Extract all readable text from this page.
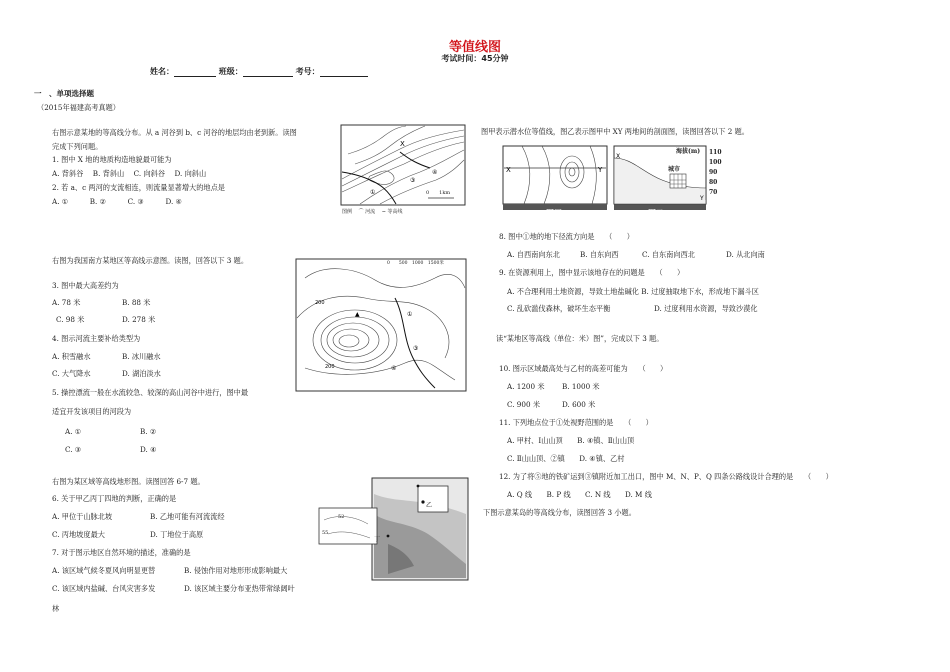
等值线图
考试时间：45分钟
姓名：	班级：	考号：
一　、单项选择题
（2015年福建高考真题）
右图示意某地的等高线分布。从 a 河谷到 b、c 河谷的地层均由老到新。读图
完成下列问题。
1. 图中 X 地的地质构造地貌最可能为
A. 背斜谷　 B. 背斜山　 C. 向斜谷　 D. 向斜山
2. 若 a、c 两河的支流相连，则流量显著增大的地点是
A. ①　　　B. ②　　　C. ③　　　D. ④
X
④
①
③
0　　1km
图例　 ⌒ 河流　 ~ 等高线
右图为我国南方某地区等高线示意图。读图，回答以下 3 题。
3. 图中最大高差约为
A. 78 米	B. 88 米
C. 98 米	D. 278 米
4. 图示河流主要补给类型为
A. 积雪融水	B. 冰川融水
C. 大气降水	D. 湖泊淡水
5. 操控漂流一般在水流较急、较深的高山河谷中进行，图中最
适宜开发该项目的河段为
A. ①	B. ②
C. ③	D. ④
①
③
④
▲
200
200
0　　500　1000　1500米
右图为某区域等高线地形图。读图回答 6-7 题。
6. 关于甲乙丙丁四地的判断，正确的是
A. 甲位于山脉北坡	B. 乙地可能有河流流经
C. 丙地坡度最大	D. 丁地位于高原
7. 对于图示地区自然环境的描述，准确的是
A. 该区域气候冬夏风向明显更替	B. 侵蚀作用对地形形成影响最大
C. 该区域内盐碱、台风灾害多发	D. 该区域主要分布亚热带常绿阔叶
林
52
55
丁
乙
图甲表示潜水位等值线，图乙表示图甲中 XY 两地间的剖面图，读图回答以下 2 题。
X	Y
X
Y
海拔(m)
城市
110
100
90
80
70
图甲	图乙
8. 图中①地的地下径流方向是　　（　　）
A. 自西南向东北	B. 自东向西	C. 自东南向西北	D. 从北向南
9. 在资源利用上，图中显示该地存在的问题是　　（　　）
A. 不合理利用土地资源，导致土地盐碱化 B. 过度抽取地下水，形成地下漏斗区
C. 乱砍滥伐森林，破坏生态平衡	D. 过度利用水资源，导致沙漠化
读“某地区等高线（单位：米）图”，完成以下 3 题。
10. 图示区域最高处与乙村的高差可能为　　（　　）
A. 1200 米 B. 1000 米
C. 900 米	D. 600 米
11. 下列地点位于①处视野范围的是　　（　　）
A. 甲村、Ⅰ山山顶　　B. ④镇、Ⅱ山山顶
C. Ⅱ山山顶、②镇　　D. ④镇、乙村
12. 为了将⑤地的铁矿运到③镇附近加工出口，图中 M、N、P、Q 四条公路线设计合理的是　　（　　）
A. Q 线　　B. P 线　　C. N 线　　D. M 线
下图示意某岛的等高线分布，读图回答 3 小题。
